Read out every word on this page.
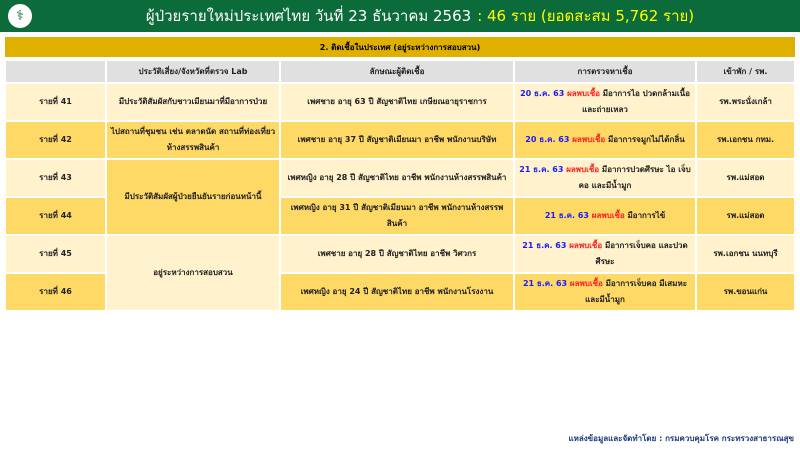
⚕	ผู้ป่วยรายใหม่ประเทศไทย วันที่ 23 ธันวาคม 2563 : 46 ราย (ยอดสะสม 5,762 ราย)
2. ติดเชื้อในประเทศ (อยู่ระหว่างการสอบสวน)
	ประวัติเสี่ยง/จังหวัดที่ตรวจ Lab	ลักษณะผู้ติดเชื้อ	การตรวจหาเชื้อ	เข้าพัก / รพ.
รายที่ 41	มีประวัติสัมผัสกับชาวเมียนมาที่มีอาการป่วย	เพศชาย อายุ 63 ปี สัญชาติไทย เกษียณอายุราชการ	20 ธ.ค. 63 ผลพบเชื้อ มีอาการไอ ปวดกล้ามเนื้อ และถ่ายเหลว	รพ.พระนั่งเกล้า
รายที่ 42	ไปสถานที่ชุมชน เช่น ตลาดนัด สถานที่ท่องเที่ยว ห้างสรรพสินค้า	เพศชาย อายุ 37 ปี สัญชาติเมียนมา อาชีพ พนักงานบริษัท	20 ธ.ค. 63 ผลพบเชื้อ มีอาการจมูกไม่ได้กลิ่น	รพ.เอกชน กทม.
รายที่ 43	มีประวัติสัมผัสผู้ป่วยยืนยันรายก่อนหน้านี้	เพศหญิง อายุ 28 ปี สัญชาติไทย อาชีพ พนักงานห้างสรรพสินค้า	21 ธ.ค. 63 ผลพบเชื้อ มีอาการปวดศีรษะ ไอ เจ็บคอ และมีน้ำมูก	รพ.แม่สอด
รายที่ 44		เพศหญิง อายุ 31 ปี สัญชาติเมียนมา อาชีพ พนักงานห้างสรรพสินค้า	21 ธ.ค. 63 ผลพบเชื้อ มีอาการไข้	รพ.แม่สอด
รายที่ 45	อยู่ระหว่างการสอบสวน	เพศชาย อายุ 28 ปี สัญชาติไทย อาชีพ วิศวกร	21 ธ.ค. 63 ผลพบเชื้อ มีอาการเจ็บคอ และปวดศีรษะ	รพ.เอกชน นนทบุรี
รายที่ 46		เพศหญิง อายุ 24 ปี สัญชาติไทย อาชีพ พนักงานโรงงาน	21 ธ.ค. 63 ผลพบเชื้อ มีอาการเจ็บคอ มีเสมหะ และมีน้ำมูก	รพ.ขอนแก่น
แหล่งข้อมูลและจัดทำโดย : กรมควบคุมโรค กระทรวงสาธารณสุข
